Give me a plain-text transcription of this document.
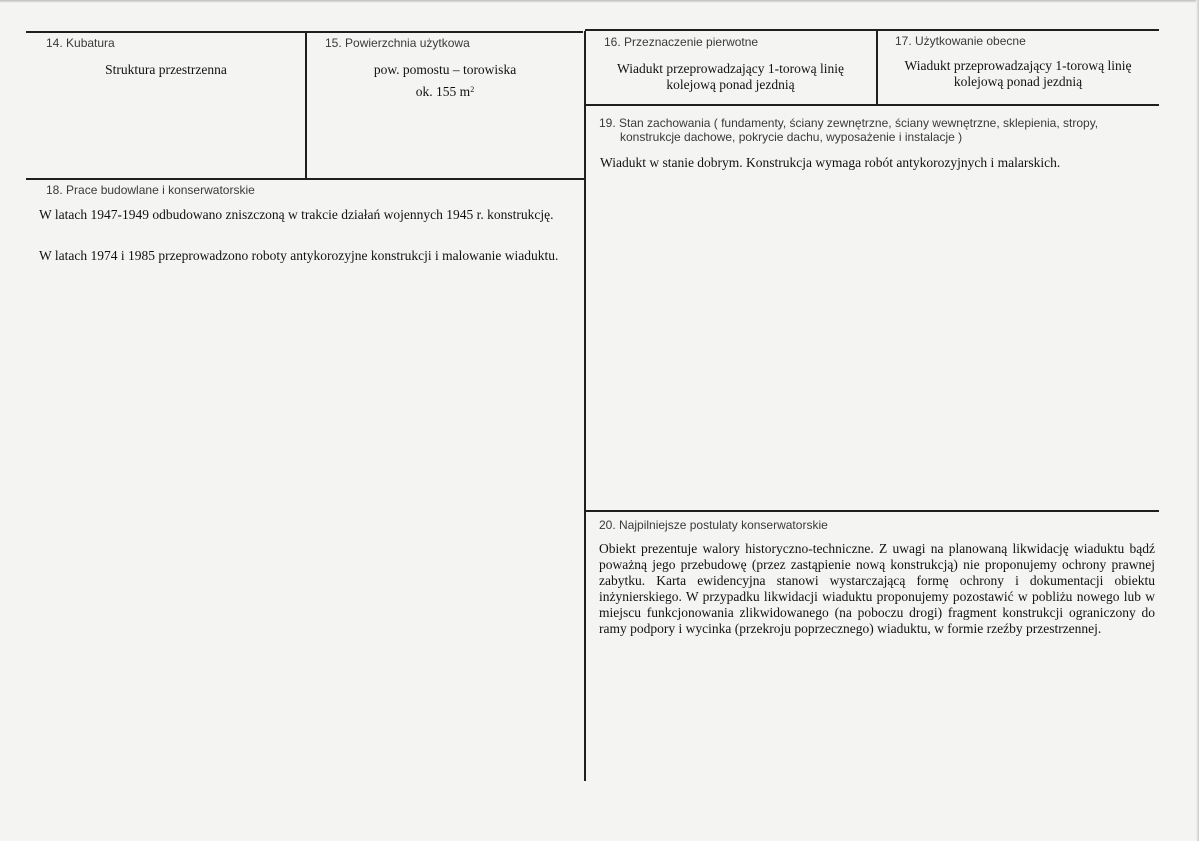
14. Kubatura
Struktura przestrzenna
15. Powierzchnia użytkowa
pow. pomostu – torowiska
ok. 155 $m^2$
16. Przeznaczenie pierwotne
Wiadukt przeprowadzający 1-torową linię
kolejową ponad jezdnią
17. Użytkowanie obecne
Wiadukt przeprowadzający 1-torową linię
kolejową ponad jezdnią
18. Prace budowlane i konserwatorskie
W latach 1947-1949 odbudowano zniszczoną w trakcie działań wojennych 1945 r. konstrukcję.
W latach 1974 i 1985 przeprowadzono roboty antykorozyjne konstrukcji i malowanie wiaduktu.
19. Stan zachowania ( fundamenty, ściany zewnętrzne, ściany wewnętrzne, sklepienia, stropy,
konstrukcje dachowe, pokrycie dachu, wyposażenie i instalacje )
Wiadukt w stanie dobrym. Konstrukcja wymaga robót antykorozyjnych i malarskich.
20. Najpilniejsze postulaty konserwatorskie
Obiekt prezentuje walory historyczno-techniczne. Z uwagi na planowaną likwidację wiaduktu bądź poważną jego przebudowę (przez zastąpienie nową konstrukcją) nie proponujemy ochrony prawnej zabytku. Karta ewidencyjna stanowi wystarczającą formę ochrony i dokumentacji obiektu inżynierskiego. W przypadku likwidacji wiaduktu proponujemy pozostawić w pobliżu nowego lub w miejscu funkcjonowania zlikwidowanego (na poboczu drogi) fragment konstrukcji ograniczony do ramy podpory i wycinka (przekroju poprzecznego) wiaduktu, w formie rzeźby przestrzennej.
